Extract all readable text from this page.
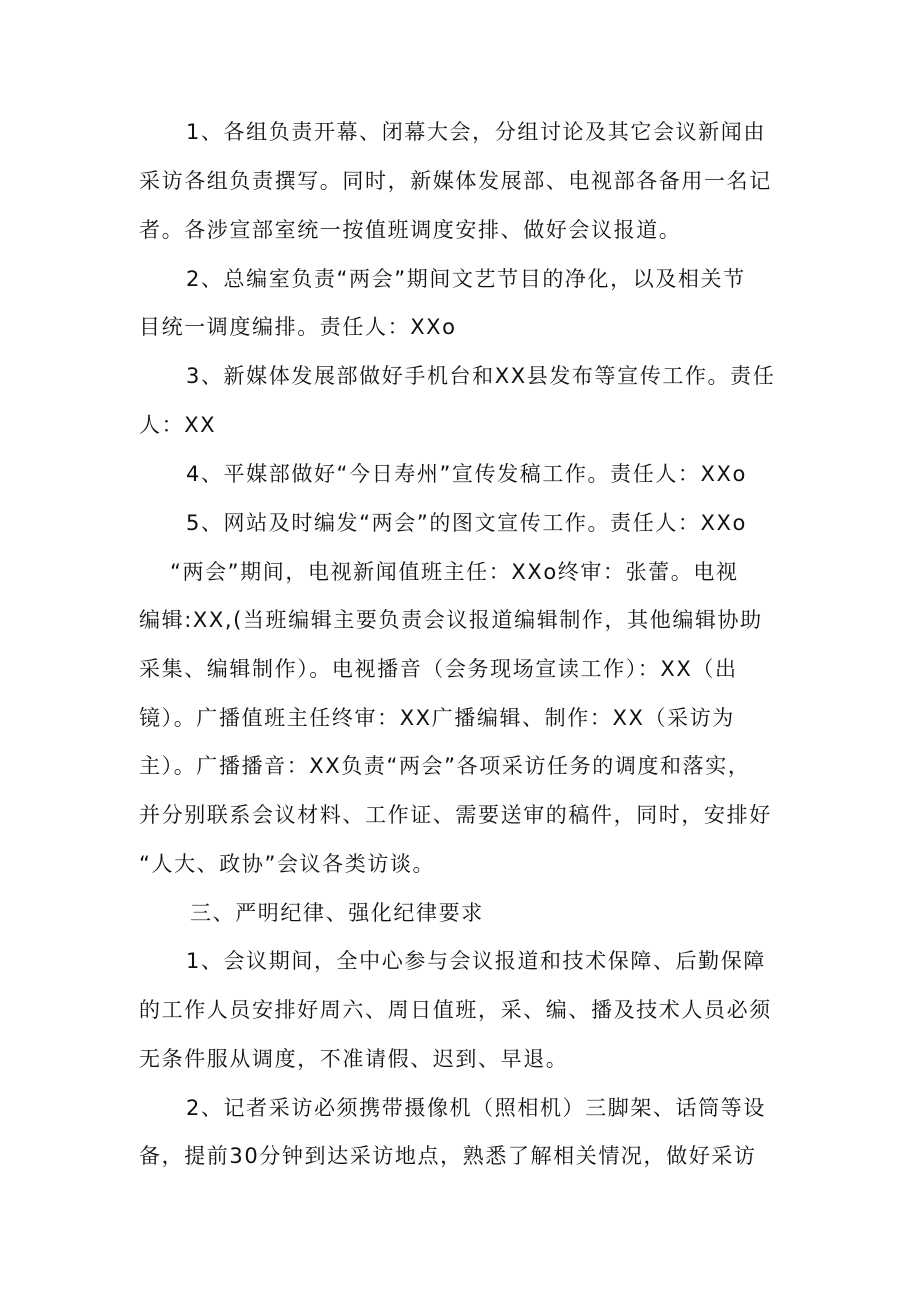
1、各组负责开幕、闭幕大会，分组讨论及其它会议新闻由
采访各组负责撰写。同时，新媒体发展部、电视部各备用一名记
者。各涉宣部室统一按值班调度安排、做好会议报道。
2、总编室负责“两会”期间文艺节目的净化，以及相关节
目统一调度编排。责任人：XXo
3、新媒体发展部做好手机台和XX县发布等宣传工作。责任
人：XX
4、平媒部做好“今日寿州”宣传发稿工作。责任人：XXo
5、网站及时编发“两会”的图文宣传工作。责任人：XXo
“两会”期间，电视新闻值班主任：XXo终审：张蕾。电视
编辑:XX,(当班编辑主要负责会议报道编辑制作，其他编辑协助
采集、编辑制作）。电视播音（会务现场宣读工作）：XX（出
镜）。广播值班主任终审：XX广播编辑、制作：XX（采访为
主）。广播播音：XX负责“两会”各项采访任务的调度和落实，
并分别联系会议材料、工作证、需要送审的稿件，同时，安排好
“人大、政协”会议各类访谈。
三、严明纪律、强化纪律要求
1、会议期间，全中心参与会议报道和技术保障、后勤保障
的工作人员安排好周六、周日值班，采、编、播及技术人员必须
无条件服从调度，不准请假、迟到、早退。
2、记者采访必须携带摄像机（照相机）三脚架、话筒等设
备，提前30分钟到达采访地点，熟悉了解相关情况，做好采访
